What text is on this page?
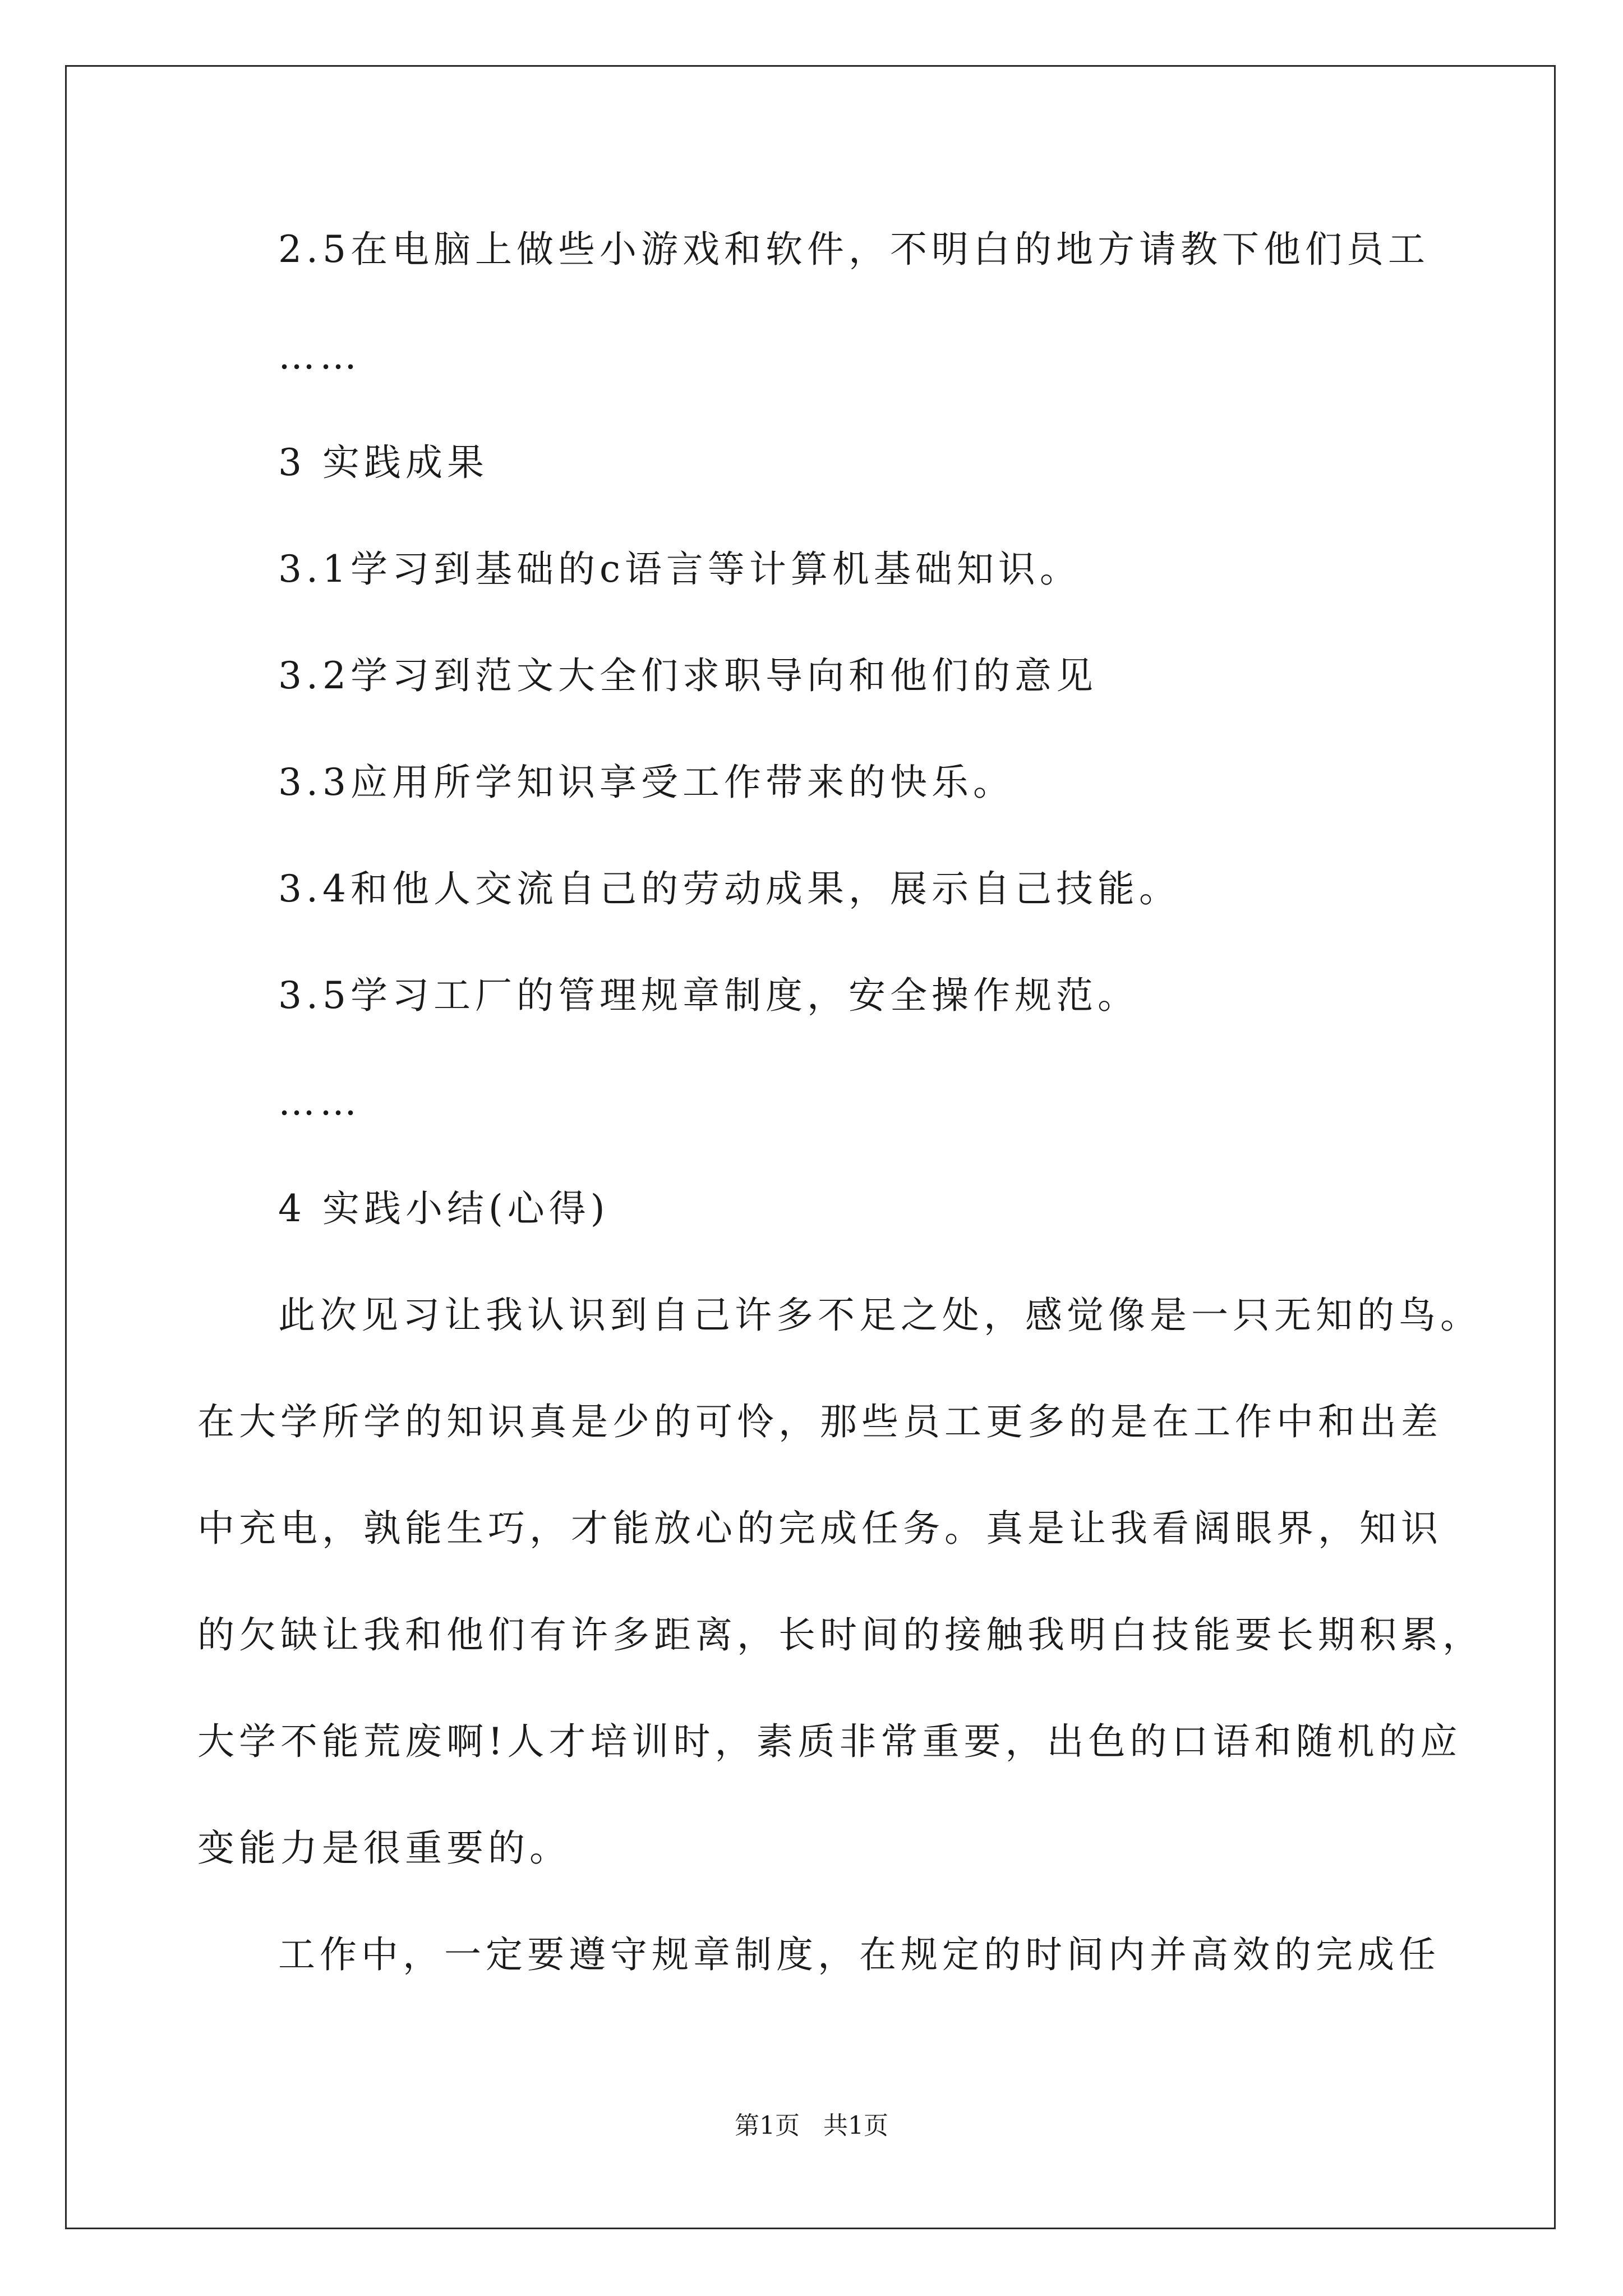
2.5在电脑上做些小游戏和软件，不明白的地方请教下他们员工
……
3 实践成果
3.1学习到基础的c语言等计算机基础知识。
3.2学习到范文大全们求职导向和他们的意见
3.3应用所学知识享受工作带来的快乐。
3.4和他人交流自己的劳动成果，展示自己技能。
3.5学习工厂的管理规章制度，安全操作规范。
……
4 实践小结(心得)
此次见习让我认识到自己许多不足之处，感觉像是一只无知的鸟。
在大学所学的知识真是少的可怜，那些员工更多的是在工作中和出差
中充电，孰能生巧，才能放心的完成任务。真是让我看阔眼界，知识
的欠缺让我和他们有许多距离，长时间的接触我明白技能要长期积累，
大学不能荒废啊!人才培训时，素质非常重要，出色的口语和随机的应
变能力是很重要的。
工作中，一定要遵守规章制度，在规定的时间内并高效的完成任
第1页   共1页
